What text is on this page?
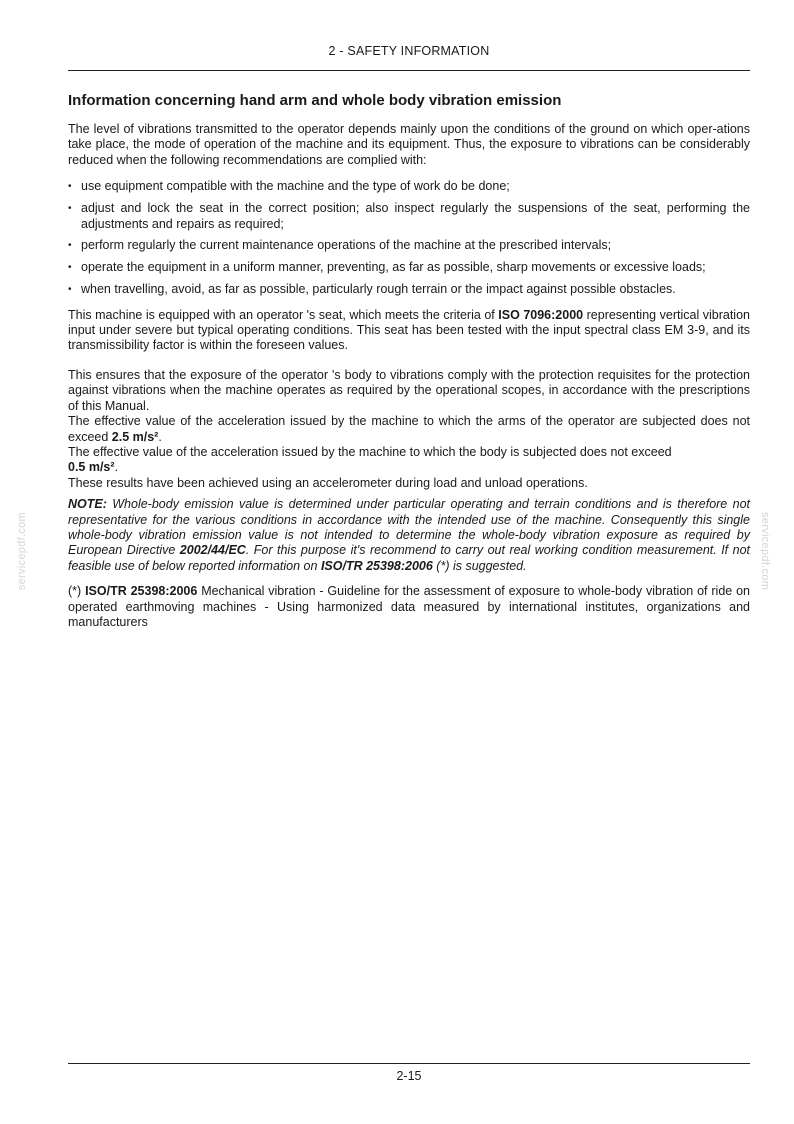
2 - SAFETY INFORMATION
servicepdf.com	servicepdf.com
Information concerning hand arm and whole body vibration emission

The level of vibrations transmitted to the operator depends mainly upon the conditions of the ground on which oper-ations take place, the mode of operation of the machine and its equipment. Thus, the exposure to vibrations can be considerably reduced when the following recommendations are complied with:

• use equipment compatible with the machine and the type of work do be done;
• adjust and lock the seat in the correct position; also inspect regularly the suspensions of the seat, performing the adjustments and repairs as required;
• perform regularly the current maintenance operations of the machine at the prescribed intervals;
• operate the equipment in a uniform manner, preventing, as far as possible, sharp movements or excessive loads;
• when travelling, avoid, as far as possible, particularly rough terrain or the impact against possible obstacles.

This machine is equipped with an operator 's seat, which meets the criteria of ISO 7096:2000 representing vertical vibration input under severe but typical operating conditions. This seat has been tested with the input spectral class EM 3-9, and its transmissibility factor is within the foreseen values.

This ensures that the exposure of the operator 's body to vibrations comply with the protection requisites for the protection against vibrations when the machine operates as required by the operational scopes, in accordance with the prescriptions of this Manual.

The effective value of the acceleration issued by the machine to which the arms of the operator are subjected does not exceed 2.5 m/s².

The effective value of the acceleration issued by the machine to which the body is subjected does not exceed
0.5 m/s².

These results have been achieved using an accelerometer during load and unload operations.

NOTE: Whole-body emission value is determined under particular operating and terrain conditions and is therefore not representative for the various conditions in accordance with the intended use of the machine. Consequently this single whole-body vibration emission value is not intended to determine the whole-body vibration exposure as required by European Directive 2002/44/EC. For this purpose it's recommend to carry out real working condition measurement. If not feasible use of below reported information on ISO/TR 25398:2006 (*) is suggested.

(*) ISO/TR 25398:2006 Mechanical vibration - Guideline for the assessment of exposure to whole-body vibration of ride on operated earthmoving machines - Using harmonized data measured by international institutes, organizations and manufacturers

2-15
